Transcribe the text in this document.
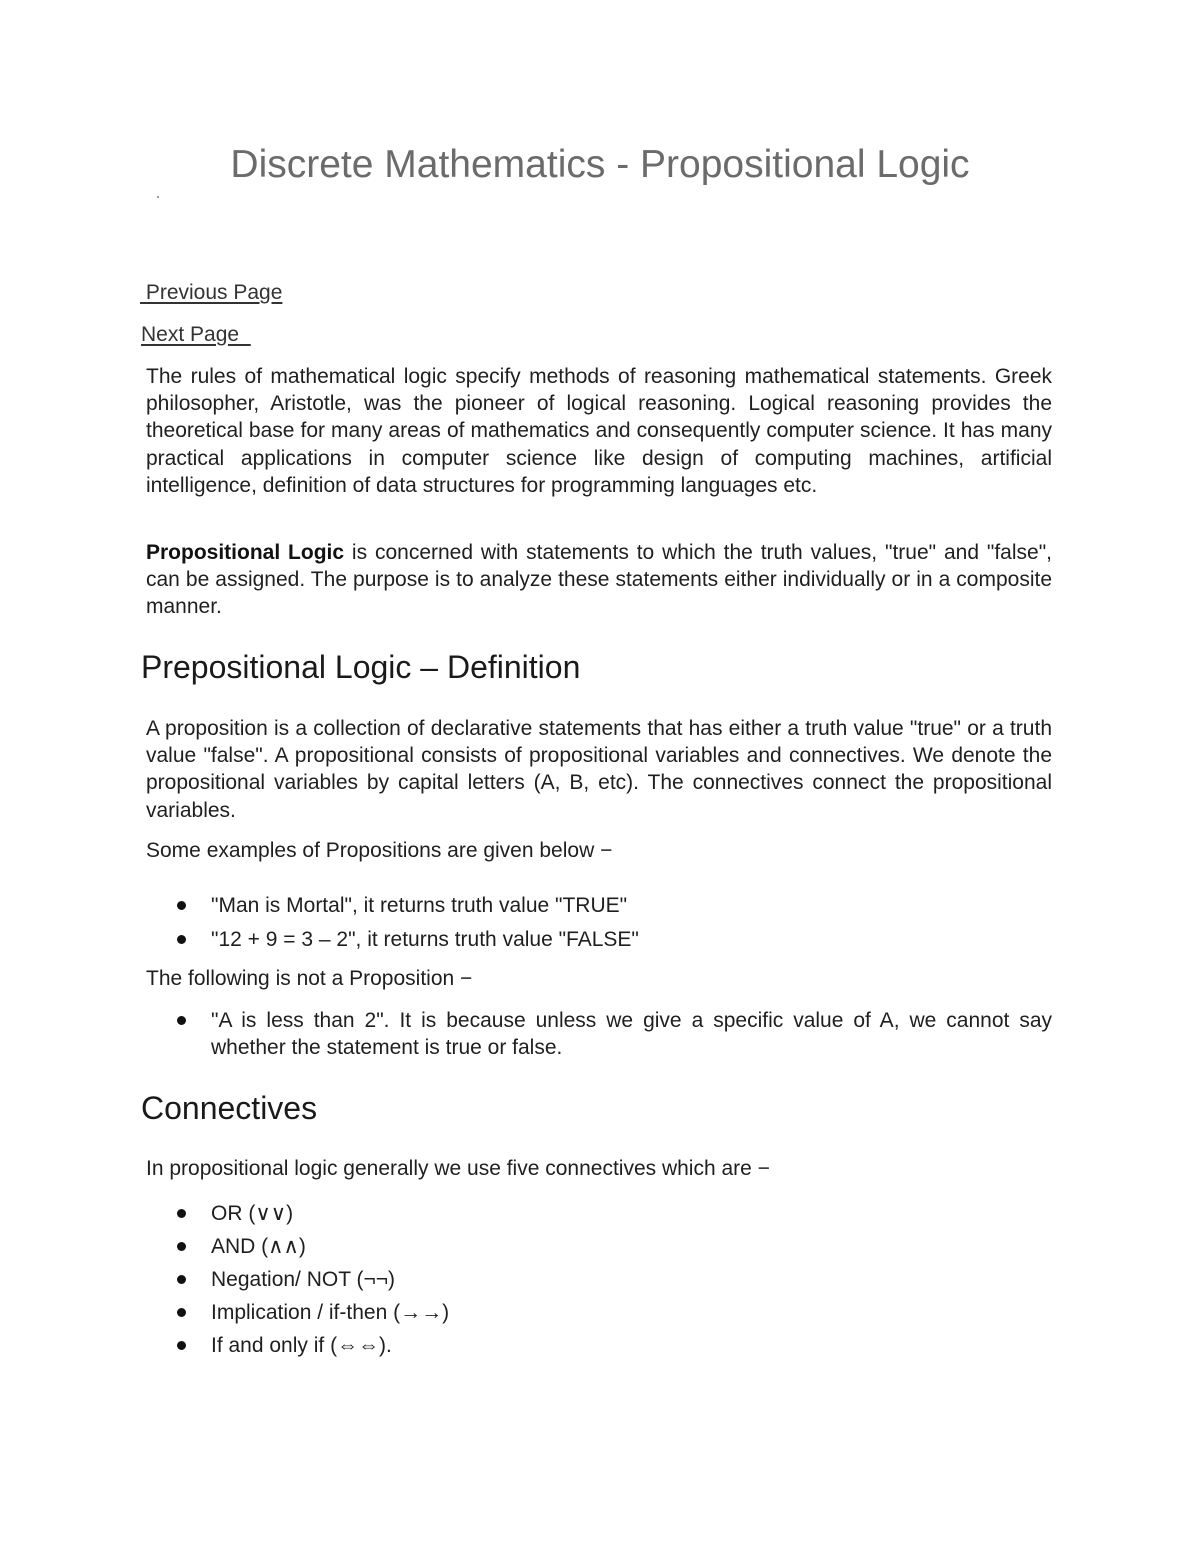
Discrete Mathematics - Propositional Logic
Previous Page
Next Page

The rules of mathematical logic specify methods of reasoning mathematical statements. Greek philosopher, Aristotle, was the pioneer of logical reasoning. Logical reasoning provides the theoretical base for many areas of mathematics and consequently computer science. It has many practical applications in computer science like design of computing machines, artificial intelligence, definition of data structures for programming languages etc.

Propositional Logic is concerned with statements to which the truth values, "true" and "false", can be assigned. The purpose is to analyze these statements either individually or in a composite manner.

Prepositional Logic – Definition

A proposition is a collection of declarative statements that has either a truth value "true" or a truth value "false". A propositional consists of propositional variables and connectives. We denote the propositional variables by capital letters (A, B, etc). The connectives connect the propositional variables.

Some examples of Propositions are given below −

"Man is Mortal", it returns truth value "TRUE"
"12 + 9 = 3 – 2", it returns truth value "FALSE"

The following is not a Proposition −

"A is less than 2". It is because unless we give a specific value of A, we cannot say whether the statement is true or false.
Connectives

In propositional logic generally we use five connectives which are −

OR (∨∨)
AND (∧∧)
Negation/ NOT (¬¬)
Implication / if-then (→→)
If and only if (⇔⇔).
